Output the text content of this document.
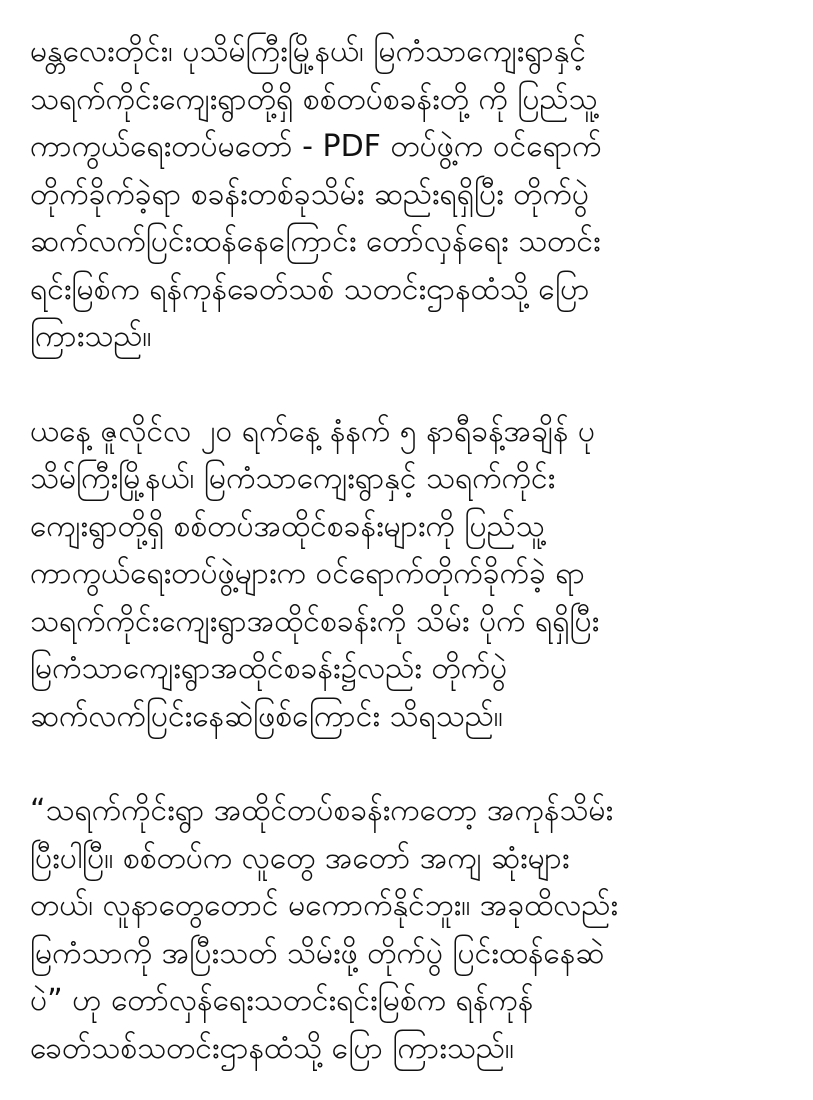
မန္တလေးတိုင်း၊ ပုသိမ်ကြီးမြို့နယ်၊ မြကံသာကျေးရွာနှင့်
သရက်ကိုင်းကျေးရွာတို့ရှိ စစ်တပ်စခန်းတို့ ကို ပြည်သူ့
ကာကွယ်ရေးတပ်မတော် - PDF တပ်ဖွဲ့က ဝင်ရောက်
တိုက်ခိုက်ခဲ့ရာ စခန်းတစ်ခုသိမ်း ဆည်းရရှိပြီး တိုက်ပွဲ
ဆက်လက်ပြင်းထန်နေကြောင်း တော်လှန်ရေး သတင်း
ရင်းမြစ်က ရန်ကုန်ခေတ်သစ် သတင်းဌာနထံသို့ ပြော
ကြားသည်။

ယနေ့ ဇူလိုင်လ ၂၀ ရက်နေ့ နံနက် ၅ နာရီခန့်အချိန် ပု
သိမ်ကြီးမြို့နယ်၊ မြကံသာကျေးရွာနှင့် သရက်ကိုင်း
ကျေးရွာတို့ရှိ စစ်တပ်အထိုင်စခန်းများကို ပြည်သူ့
ကာကွယ်ရေးတပ်ဖွဲ့များက ဝင်ရောက်တိုက်ခိုက်ခဲ့ ရာ
သရက်ကိုင်းကျေးရွာအထိုင်စခန်းကို သိမ်း ပိုက် ရရှိပြီး
မြကံသာကျေးရွာအထိုင်စခန်း၌လည်း တိုက်ပွဲ
ဆက်လက်ပြင်းနေဆဲဖြစ်ကြောင်း သိရသည်။

“သရက်ကိုင်းရွာ အထိုင်တပ်စခန်းကတော့ အကုန်သိမ်း
ပြီးပါပြီ။ စစ်တပ်က လူတွေ အတော် အကျ ဆုံးများ
တယ်၊ လူနာတွေတောင် မကောက်နိုင်ဘူး။ အခုထိလည်း
မြကံသာကို အပြီးသတ် သိမ်းဖို့ တိုက်ပွဲ ပြင်းထန်နေဆဲ
ပဲ” ဟု တော်လှန်ရေးသတင်းရင်းမြစ်က ရန်ကုန်
ခေတ်သစ်သတင်းဌာနထံသို့ ပြော ကြားသည်။
